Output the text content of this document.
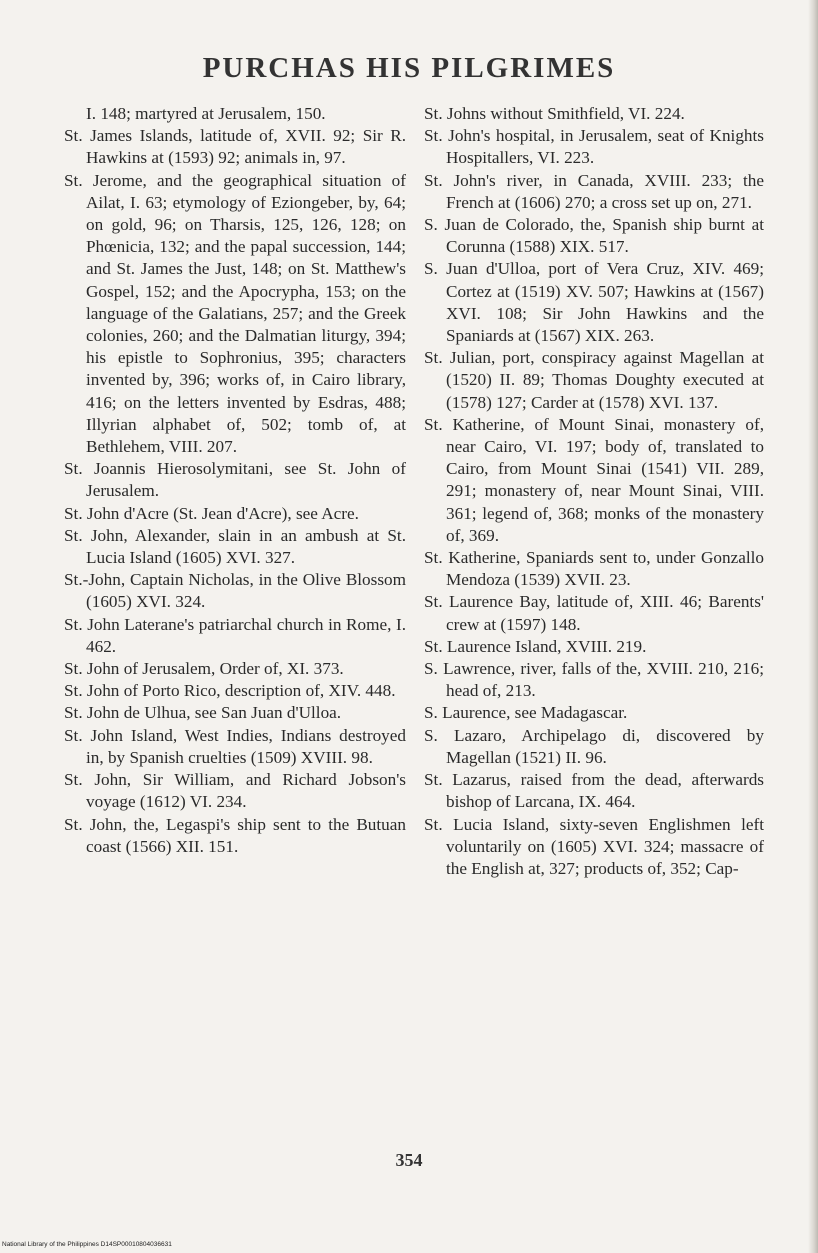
PURCHAS HIS PILGRIMES

I. 148; martyred at Jerusalem, 150.

St. James Islands, latitude of, XVII. 92; Sir R. Hawkins at (1593) 92; animals in, 97.

St. Jerome, and the geographical situation of Ailat, I. 63; etymology of Eziongeber, by, 64; on gold, 96; on Tharsis, 125, 126, 128; on Phœnicia, 132; and the papal succession, 144; and St. James the Just, 148; on St. Matthew's Gospel, 152; and the Apocrypha, 153; on the language of the Galatians, 257; and the Greek colonies, 260; and the Dalmatian liturgy, 394; his epistle to Sophronius, 395; characters invented by, 396; works of, in Cairo library, 416; on the letters invented by Esdras, 488; Illyrian alphabet of, 502; tomb of, at Bethlehem, VIII. 207.

St. Joannis Hierosolymitani, see St. John of Jerusalem.

St. John d'Acre (St. Jean d'Acre), see Acre.

St. John, Alexander, slain in an ambush at St. Lucia Island (1605) XVI. 327.

St.-John, Captain Nicholas, in the Olive Blossom (1605) XVI. 324.

St. John Laterane's patriarchal church in Rome, I. 462.

St. John of Jerusalem, Order of, XI. 373.

St. John of Porto Rico, description of, XIV. 448.

St. John de Ulhua, see San Juan d'Ulloa.

St. John Island, West Indies, Indians destroyed in, by Spanish cruelties (1509) XVIII. 98.

St. John, Sir William, and Richard Jobson's voyage (1612) VI. 234.

St. John, the, Legaspi's ship sent to the Butuan coast (1566) XII. 151.

St. Johns without Smithfield, VI. 224.

St. John's hospital, in Jerusalem, seat of Knights Hospitallers, VI. 223.

St. John's river, in Canada, XVIII. 233; the French at (1606) 270; a cross set up on, 271.

S. Juan de Colorado, the, Spanish ship burnt at Corunna (1588) XIX. 517.

S. Juan d'Ulloa, port of Vera Cruz, XIV. 469; Cortez at (1519) XV. 507; Hawkins at (1567) XVI. 108; Sir John Hawkins and the Spaniards at (1567) XIX. 263.

St. Julian, port, conspiracy against Magellan at (1520) II. 89; Thomas Doughty executed at (1578) 127; Carder at (1578) XVI. 137.

St. Katherine, of Mount Sinai, monastery of, near Cairo, VI. 197; body of, translated to Cairo, from Mount Sinai (1541) VII. 289, 291; monastery of, near Mount Sinai, VIII. 361; legend of, 368; monks of the monastery of, 369.

St. Katherine, Spaniards sent to, under Gonzallo Mendoza (1539) XVII. 23.

St. Laurence Bay, latitude of, XIII. 46; Barents' crew at (1597) 148.

St. Laurence Island, XVIII. 219.

S. Lawrence, river, falls of the, XVIII. 210, 216; head of, 213.

S. Laurence, see Madagascar.

S. Lazaro, Archipelago di, discovered by Magellan (1521) II. 96.

St. Lazarus, raised from the dead, afterwards bishop of Larcana, IX. 464.

St. Lucia Island, sixty-seven Englishmen left voluntarily on (1605) XVI. 324; massacre of the English at, 327; products of, 352; Cap-

354
National Library of the Philippines D14SP00010804036631
